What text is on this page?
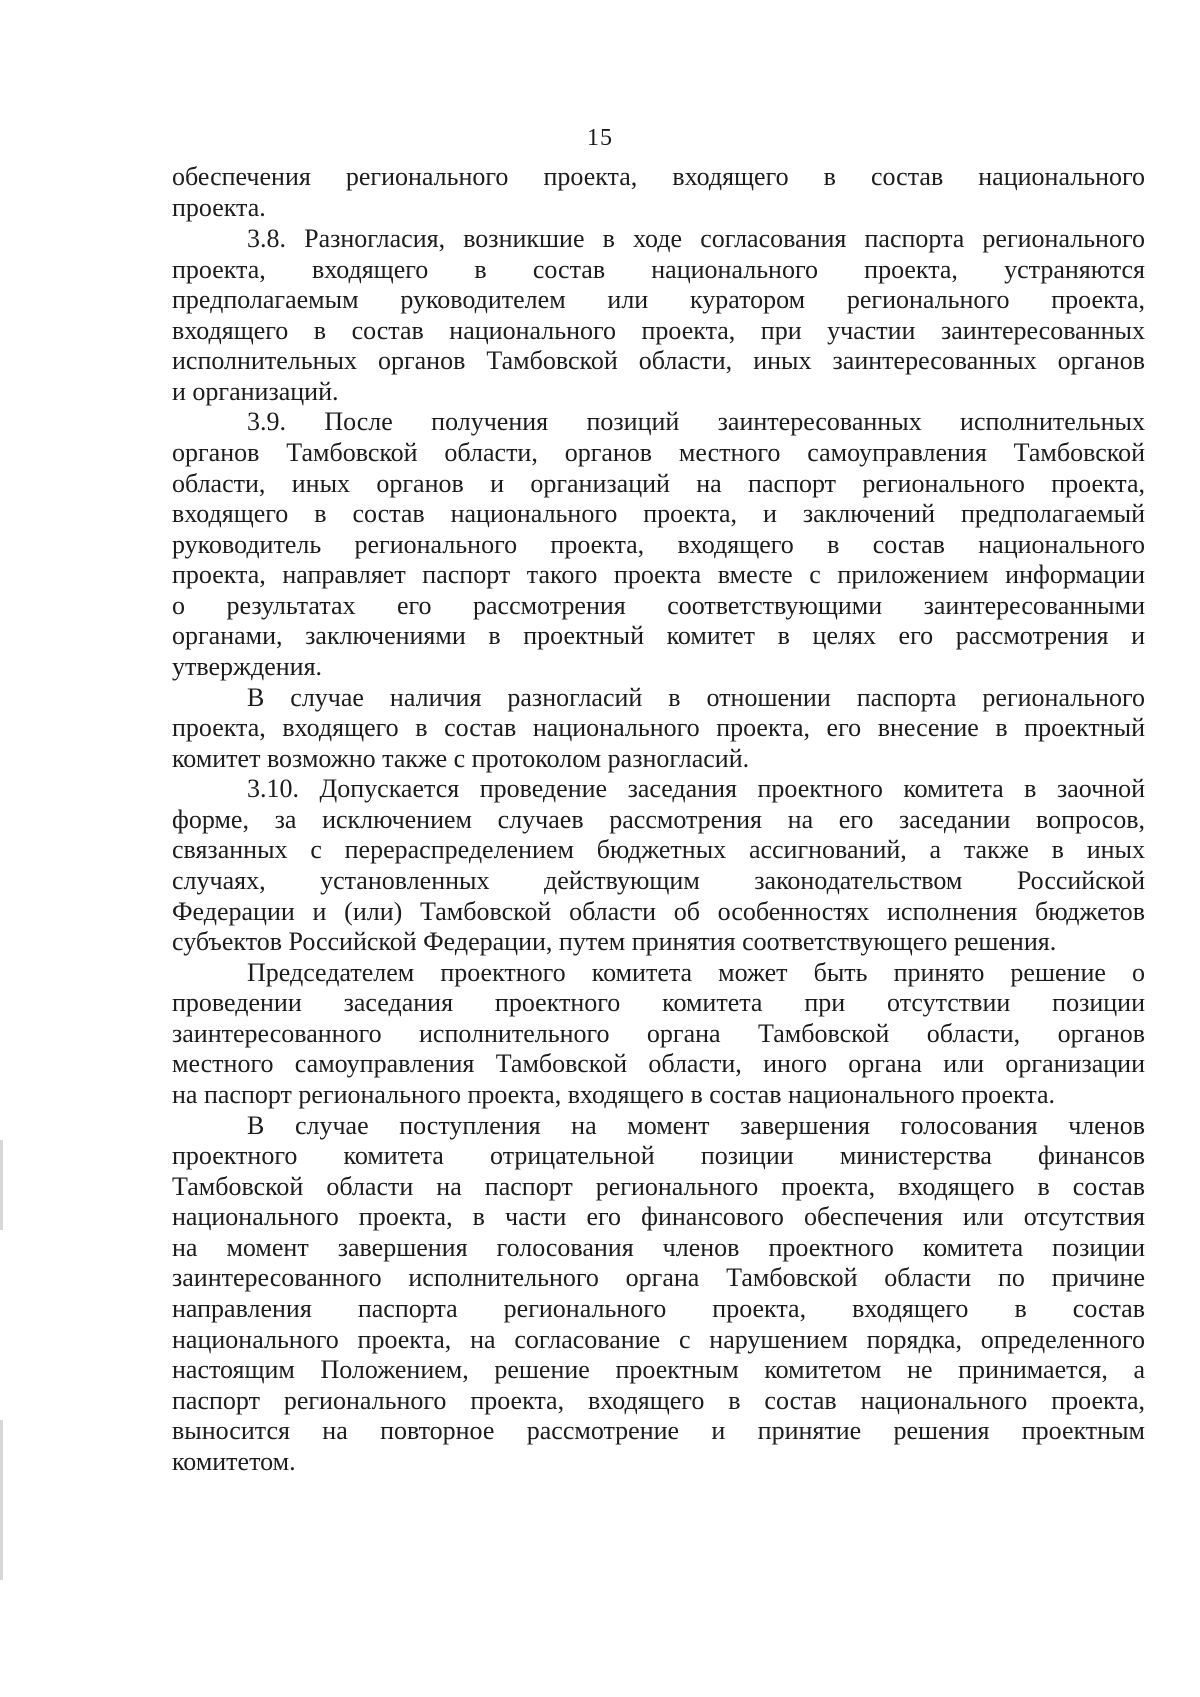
15
обеспечения регионального проекта, входящего в состав национального
проекта.
3.8. Разногласия, возникшие в ходе согласования паспорта регионального
проекта, входящего в состав национального проекта, устраняются
предполагаемым руководителем или куратором регионального проекта,
входящего в состав национального проекта, при участии заинтересованных
исполнительных органов Тамбовской области, иных заинтересованных органов
и организаций.
3.9. После получения позиций заинтересованных исполнительных
органов Тамбовской области, органов местного самоуправления Тамбовской
области, иных органов и организаций на паспорт регионального проекта,
входящего в состав национального проекта, и заключений предполагаемый
руководитель регионального проекта, входящего в состав национального
проекта, направляет паспорт такого проекта вместе с приложением информации
о результатах его рассмотрения соответствующими заинтересованными
органами, заключениями в проектный комитет в целях его рассмотрения и
утверждения.
В случае наличия разногласий в отношении паспорта регионального
проекта, входящего в состав национального проекта, его внесение в проектный
комитет возможно также с протоколом разногласий.
3.10. Допускается проведение заседания проектного комитета в заочной
форме, за исключением случаев рассмотрения на его заседании вопросов,
связанных с перераспределением бюджетных ассигнований, а также в иных
случаях, установленных действующим законодательством Российской
Федерации и (или) Тамбовской области об особенностях исполнения бюджетов
субъектов Российской Федерации, путем принятия соответствующего решения.
Председателем проектного комитета может быть принято решение о
проведении заседания проектного комитета при отсутствии позиции
заинтересованного исполнительного органа Тамбовской области, органов
местного самоуправления Тамбовской области, иного органа или организации
на паспорт регионального проекта, входящего в состав национального проекта.
В случае поступления на момент завершения голосования членов
проектного комитета отрицательной позиции министерства финансов
Тамбовской области на паспорт регионального проекта, входящего в состав
национального проекта, в части его финансового обеспечения или отсутствия
на момент завершения голосования членов проектного комитета позиции
заинтересованного исполнительного органа Тамбовской области по причине
направления паспорта регионального проекта, входящего в состав
национального проекта, на согласование с нарушением порядка, определенного
настоящим Положением, решение проектным комитетом не принимается, а
паспорт регионального проекта, входящего в состав национального проекта,
выносится на повторное рассмотрение и принятие решения проектным
комитетом.
